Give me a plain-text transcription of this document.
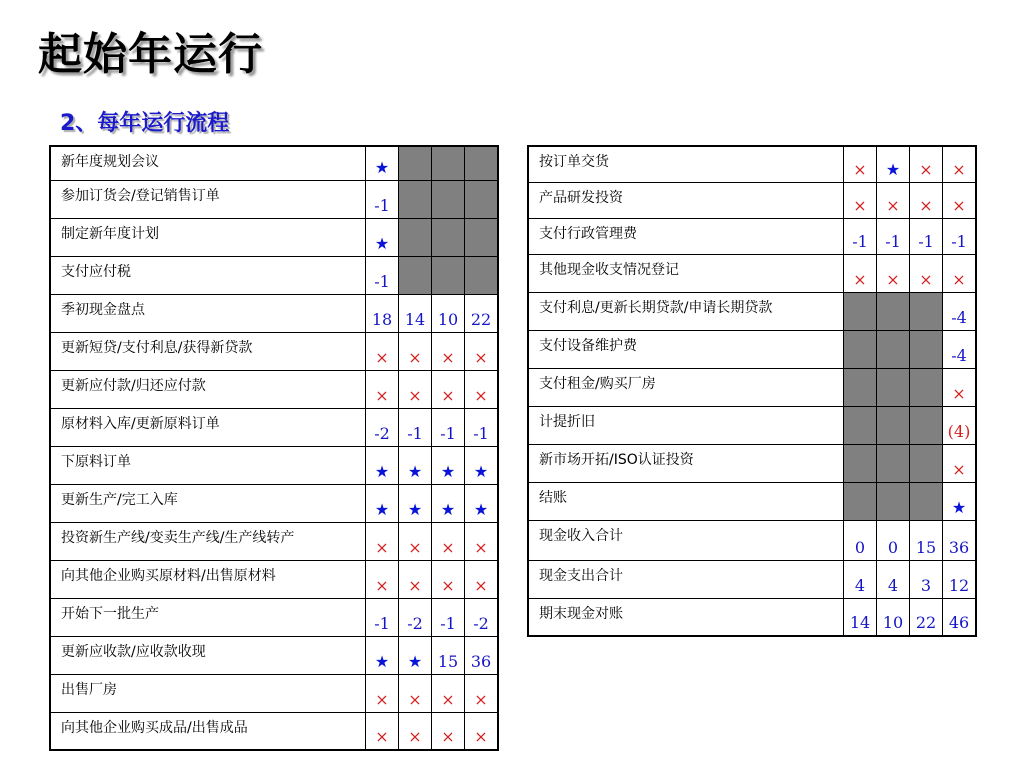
起始年运行
2、每年运行流程
新年度规划会议	★			
参加订货会/登记销售订单	-1			
制定新年度计划	★			
支付应付税	-1			
季初现金盘点	18	14	10	22
更新短贷/支付利息/获得新贷款	×	×	×	×
更新应付款/归还应付款	×	×	×	×
原材料入库/更新原料订单	-2	-1	-1	-1
下原料订单	★	★	★	★
更新生产/完工入库	★	★	★	★
投资新生产线/变卖生产线/生产线转产	×	×	×	×
向其他企业购买原材料/出售原材料	×	×	×	×
开始下一批生产	-1	-2	-1	-2
更新应收款/应收款收现	★	★	15	36
出售厂房	×	×	×	×
向其他企业购买成品/出售成品	×	×	×	×
按订单交货	×	★	×	×
产品研发投资	×	×	×	×
支付行政管理费	-1	-1	-1	-1
其他现金收支情况登记	×	×	×	×
支付利息/更新长期贷款/申请长期贷款				-4
支付设备维护费				-4
支付租金/购买厂房				×
计提折旧				(4)
新市场开拓/ISO认证投资				×
结账				★
现金收入合计	0	0	15	36
现金支出合计	4	4	3	12
期末现金对账	14	10	22	46
